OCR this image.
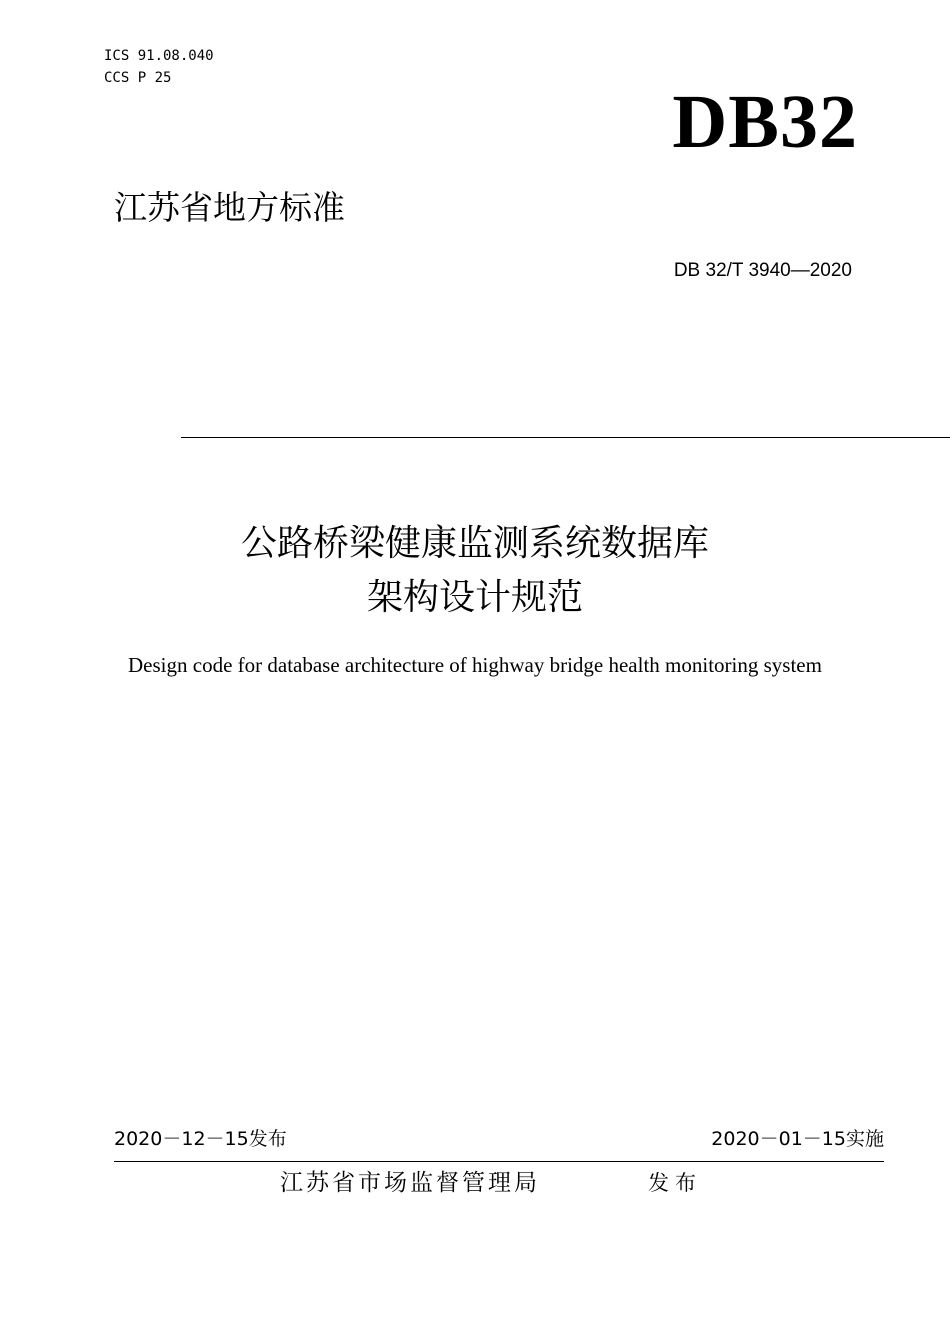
ICS 91.08.040
CCS P 25
DB32
江苏省地方标准
DB 32/T 3940—2020
公路桥梁健康监测系统数据库
架构设计规范
Design code for database architecture of highway bridge health monitoring system
2020－12－15发布	2020－01－15实施
江苏省市场监督管理局	发布
